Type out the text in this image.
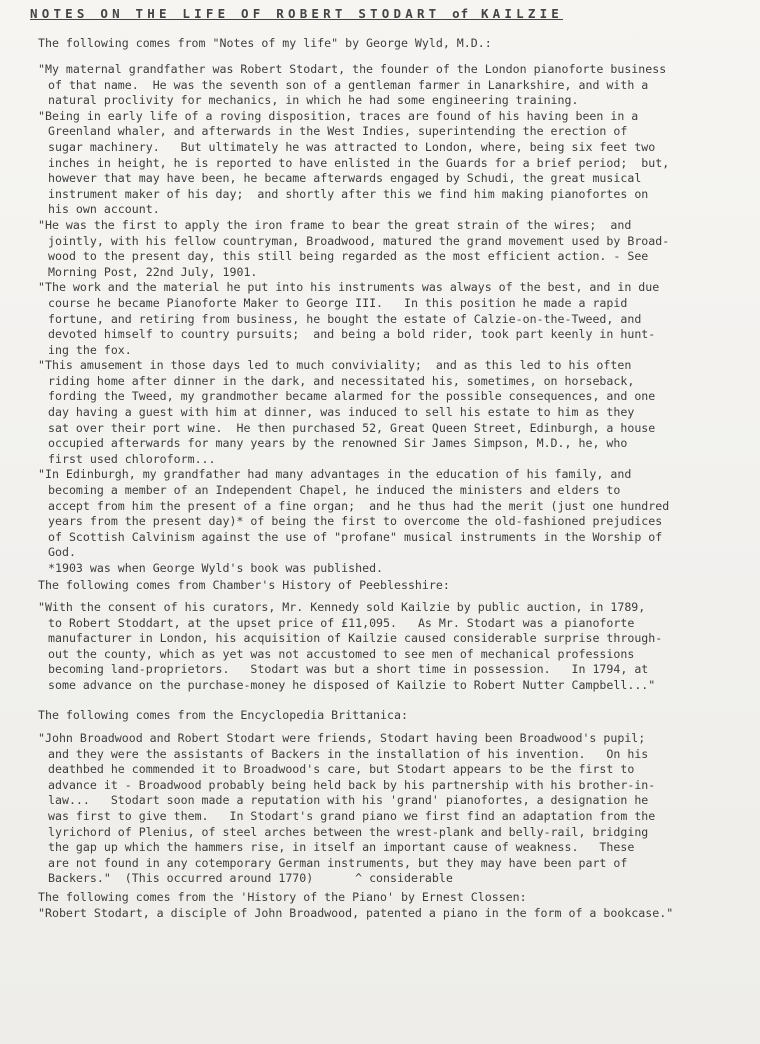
NOTES ON THE LIFE OF ROBERT STODART of KAILZIE
The following comes from "Notes of my life" by George Wyld, M.D.:
"My maternal grandfather was Robert Stodart, the founder of the London pianoforte business
of that name.  He was the seventh son of a gentleman farmer in Lanarkshire, and with a
natural proclivity for mechanics, in which he had some engineering training.
"Being in early life of a roving disposition, traces are found of his having been in a
Greenland whaler, and afterwards in the West Indies, superintending the erection of
sugar machinery.   But ultimately he was attracted to London, where, being six feet two
inches in height, he is reported to have enlisted in the Guards for a brief period;  but,
however that may have been, he became afterwards engaged by Schudi, the great musical
instrument maker of his day;  and shortly after this we find him making pianofortes on
his own account.
"He was the first to apply the iron frame to bear the great strain of the wires;  and
jointly, with his fellow countryman, Broadwood, matured the grand movement used by Broad-
wood to the present day, this still being regarded as the most efficient action. - See
Morning Post, 22nd July, 1901.
"The work and the material he put into his instruments was always of the best, and in due
course he became Pianoforte Maker to George III.   In this position he made a rapid
fortune, and retiring from business, he bought the estate of Calzie-on-the-Tweed, and
devoted himself to country pursuits;  and being a bold rider, took part keenly in hunt-
ing the fox.
"This amusement in those days led to much conviviality;  and as this led to his often
riding home after dinner in the dark, and necessitated his, sometimes, on horseback,
fording the Tweed, my grandmother became alarmed for the possible consequences, and one
day having a guest with him at dinner, was induced to sell his estate to him as they
sat over their port wine.  He then purchased 52, Great Queen Street, Edinburgh, a house
occupied afterwards for many years by the renowned Sir James Simpson, M.D., he, who
first used chloroform...
"In Edinburgh, my grandfather had many advantages in the education of his family, and
becoming a member of an Independent Chapel, he induced the ministers and elders to
accept from him the present of a fine organ;  and he thus had the merit (just one hundred
years from the present day)* of being the first to overcome the old-fashioned prejudices
of Scottish Calvinism against the use of "profane" musical instruments in the Worship of
God.
*1903 was when George Wyld's book was published.
The following comes from Chamber's History of Peeblesshire:
"With the consent of his curators, Mr. Kennedy sold Kailzie by public auction, in 1789,
to Robert Stoddart, at the upset price of £11,095.   As Mr. Stodart was a pianoforte
manufacturer in London, his acquisition of Kailzie caused considerable surprise through-
out the county, which as yet was not accustomed to see men of mechanical professions
becoming land-proprietors.   Stodart was but a short time in possession.   In 1794, at
some advance on the purchase-money he disposed of Kailzie to Robert Nutter Campbell..."
The following comes from the Encyclopedia Brittanica:
"John Broadwood and Robert Stodart were friends, Stodart having been Broadwood's pupil;
and they were the assistants of Backers in the installation of his invention.   On his
deathbed he commended it to Broadwood's care, but Stodart appears to be the first to
advance it - Broadwood probably being held back by his partnership with his brother-in-
law...   Stodart soon made a reputation with his 'grand' pianofortes, a designation he
was first to give them.   In Stodart's grand piano we first find an adaptation from the
lyrichord of Plenius, of steel arches between the wrest-plank and belly-rail, bridging
the gap up which the hammers rise, in itself an important cause of weakness.   These
are not found in any cotemporary German instruments, but they may have been part of
Backers."  (This occurred around 1770)      ^ considerable
The following comes from the 'History of the Piano' by Ernest Clossen:
"Robert Stodart, a disciple of John Broadwood, patented a piano in the form of a bookcase."
